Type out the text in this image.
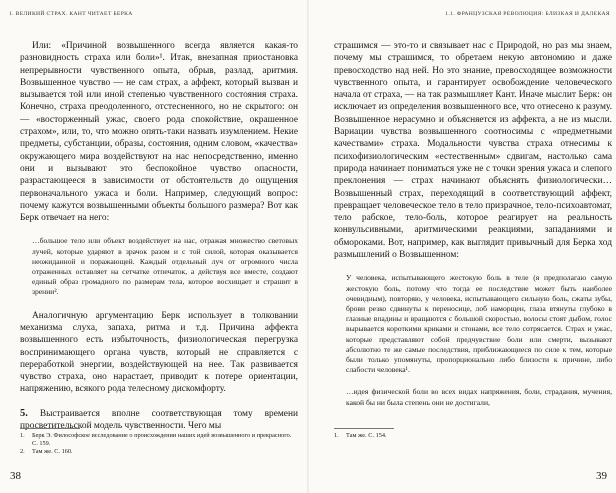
1. ВЕЛИКИЙ СТРАХ. КАНТ ЧИТАЕТ БЕРКА

Или: «Причиной возвышенного всегда является какая-то разновидность страха или боли»¹. Итак, внезапная приостановка непрерывности чувственного опыта, обрыв, разлад, аритмия. Возвышенное чувство — не сам страх, а аффект, который вызван и вызывается той или иной степенью чувственного состояния страха. Конечно, страха преодоленного, отстесненного, но не скрытого: он — «восторженный ужас, своего рода спокойствие, окрашенное страхом», или, то, что можно опять-таки назвать изумлением. Некие предметы, субстанции, образы, состояния, одним словом, «качества» окружающего мира воздействуют на нас непосредственно, именно они и вызывают это беспокойное чувство опасности, разрастающееся в зависимости от обстоятельств до ощущения первоначального ужаса и боли. Например, следующий вопрос: почему кажутся возвышенными объекты большого размера? Вот как Берк отвечает на него:

…большое тело или объект воздействует на нас, отражая множество световых лучей, которые ударяют в зрачок разом и с той силой, которая оказывается неожиданной и поражающей. Каждый отдельный луч от огромного числа отраженных оставляет на сетчатке отпечаток, а действуя все вместе, создают единый образ громадного по размерам тела, которое восхищает и страшит в зрении².

Аналогичную аргументацию Берк использует в толковании механизма слуха, запаха, ритма и т.д. Причина аффекта возвышенного есть избыточность, физиологическая перегрузка воспринимающего органа чувств, который не справляется с переработкой энергии, воздействующей на нее. Так развивается чувство страха, оно нарастает, приводит к потере ориентации, напряжению, всякого рода телесному дискомфорту.

5. Выстраивается вполне соответствующая тому времени просветительской модель чувственности. Чего мы

1.	Берк Э. Философское исследование о происхождении наших идей возвышенного и прекрасного. С. 159.
2.	Там же. С. 160.
38
1.1. ФРАНЦУЗСКАЯ РЕВОЛЮЦИЯ: БЛИЗКАЯ И ДАЛЕКАЯ

страшимся — это-то и связывает нас с Природой, но раз мы знаем, почему мы страшимся, то обретаем некую автономию и даже превосходство над ней. Но это знание, превосходящее возможности чувственного опыта, и гарантирует освобождение человеческого начала от страха, — на так размышляет Кант. Иначе мыслит Берк: он исключает из определения возвышенного все, что отнесено к разуму. Возвышенное нерасумно и объясняется из аффекта, а не из мысли. Вариации чувства возвышенного соотносимы с «предметными качествами» страха. Модальности чувства страха отнесимы к психофизиологическим «естественным» сдвигам, настолько сама природа начинает пониматься уже не с точки зрения ужаса и слепого преклонения — страх начинают объяснять физиологически… Возвышенный страх, переходящий в соответствующий аффект, превращает человеческое тело в тело призрачное, тело-психоавтомат, тело рабское, тело-боль, которое реагирует на реальность конвульсивными, аритмическими реакциями, западаниями и обмороками. Вот, например, как выглядит привычный для Берка ход размышлений о Возвышенном:

У человека, испытывающего жестокую боль в теле (я предполагаю самую жестокую боль, потому что тогда ее последствие может быть наиболее очевидным), повторяю, у человека, испытывающего сильную боль, сжаты зубы, брови резко сдвинуты к переносице, лоб наморщен, глаза втянуты глубоко в глазные впадины и вращаются с большой скоростью, волосы стоят дыбом, голос вырывается короткими криками и стонами, все тело сотрясается. Страх и ужас, которые представляют собой предчувствие боли или смерти, вызывают абсолютно те же самые последствия, приближающиеся по силе к тем, которые были только упомянуты, пропорционально либо близости к причине, либо слабости человека¹.
…идея физической боли во всех видах напряжения, боли, страдания, мучения, какой бы ни была степень они не достигали,
1.	Там же. С. 154.
39
